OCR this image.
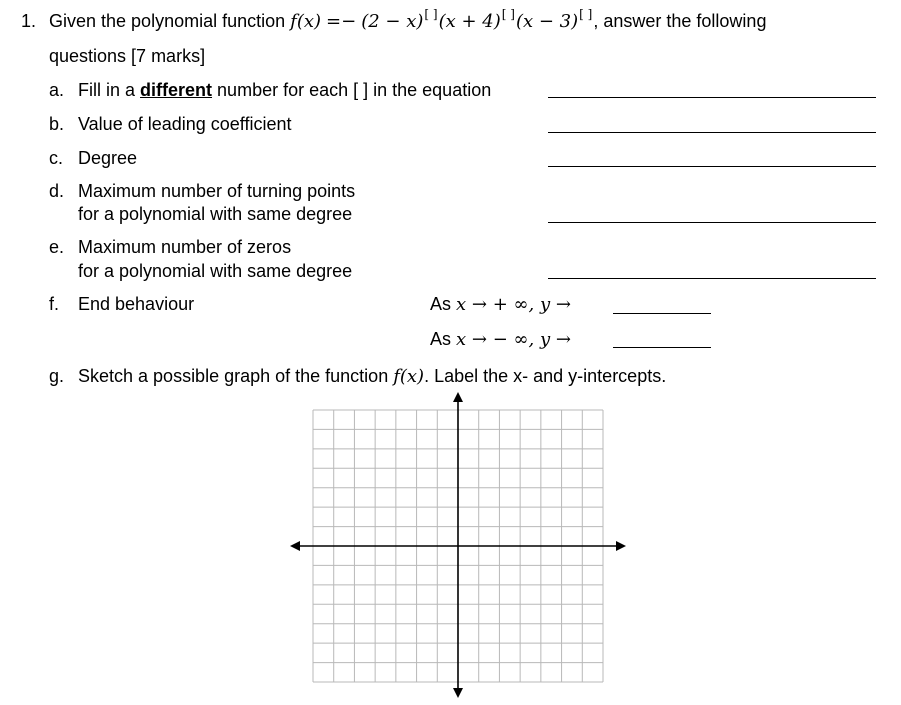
1. Given the polynomial function f(x) =− (2 − x)[ ](x + 4)[ ](x − 3)[ ], answer the following
questions [7 marks]
a. Fill in a different number for each [ ] in the equation
b. Value of leading coefficient
c. Degree
d. Maximum number of turning points
for a polynomial with same degree
e. Maximum number of zeros
for a polynomial with same degree
f. End behaviour	As x → + ∞, y →
As x → − ∞, y →
g. Sketch a possible graph of the function f(x). Label the x- and y-intercepts.
